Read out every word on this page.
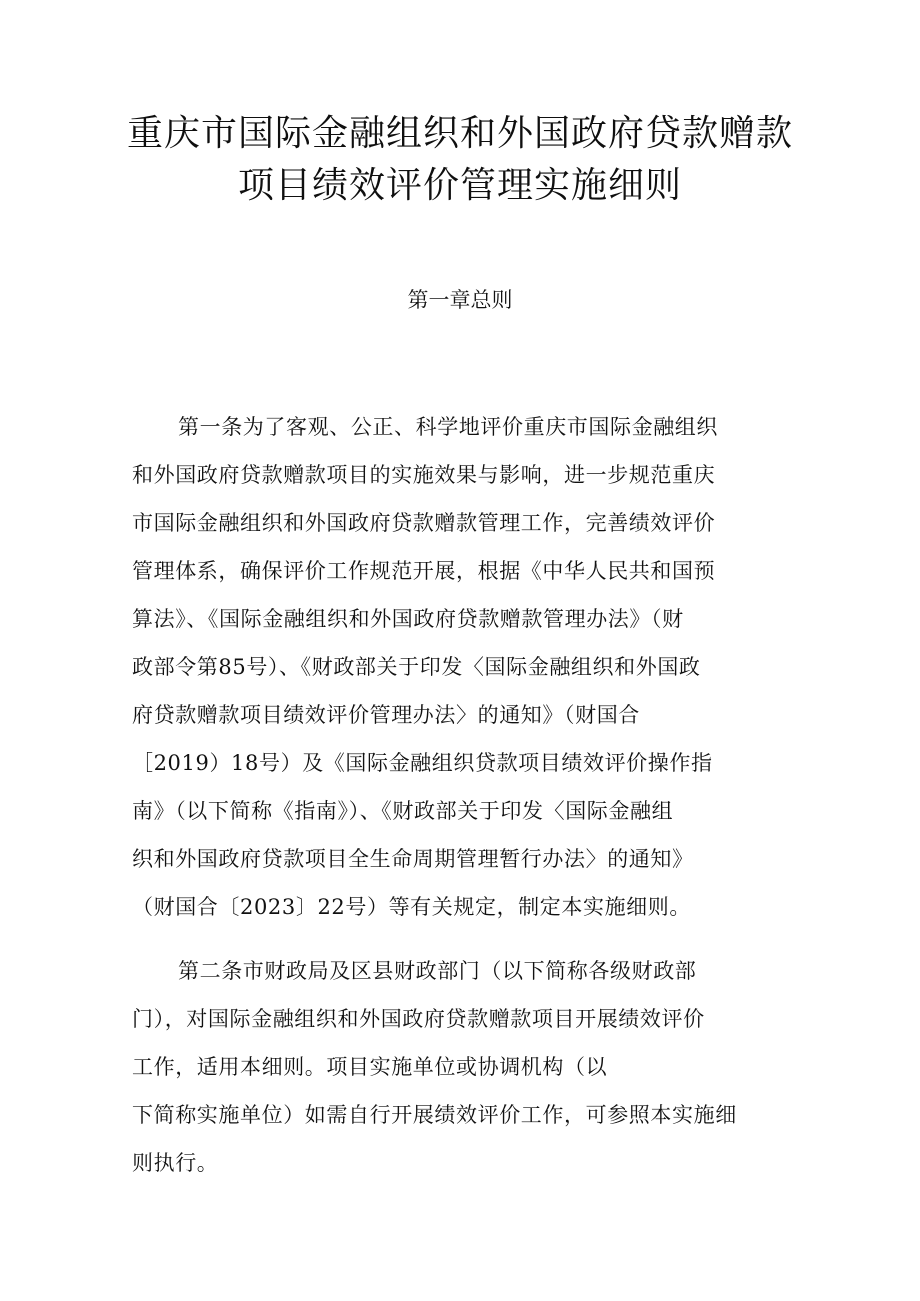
重庆市国际金融组织和外国政府贷款赠款
项目绩效评价管理实施细则
第一章总则
第一条为了客观、公正、科学地评价重庆市国际金融组织
和外国政府贷款赠款项目的实施效果与影响，进一步规范重庆
市国际金融组织和外国政府贷款赠款管理工作，完善绩效评价
管理体系，确保评价工作规范开展，根据《中华人民共和国预
算法》、《国际金融组织和外国政府贷款赠款管理办法》（财
政部令第85号）、《财政部关于印发〈国际金融组织和外国政
府贷款赠款项目绩效评价管理办法〉的通知》（财国合
［2019）18号）及《国际金融组织贷款项目绩效评价操作指
南》（以下简称《指南》）、《财政部关于印发〈国际金融组
织和外国政府贷款项目全生命周期管理暂行办法〉的通知》
（财国合〔2023〕22号）等有关规定，制定本实施细则。
第二条市财政局及区县财政部门（以下简称各级财政部
门），对国际金融组织和外国政府贷款赠款项目开展绩效评价
工作，适用本细则。项目实施单位或协调机构（以
下简称实施单位）如需自行开展绩效评价工作，可参照本实施细
则执行。
